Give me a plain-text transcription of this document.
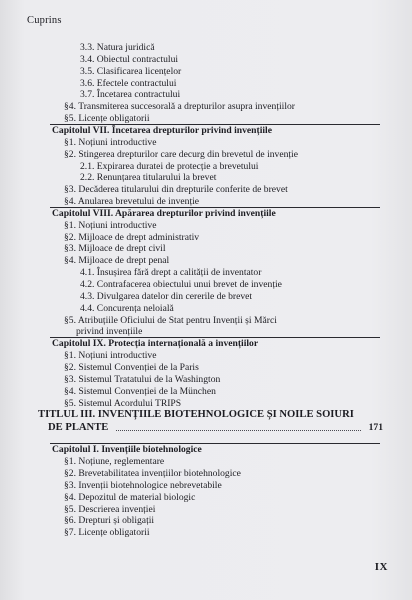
Cuprins
3.3. Natura juridică
3.4. Obiectul contractului
3.5. Clasificarea licențelor
3.6. Efectele contractului
3.7. Încetarea contractului
§4. Transmiterea succesorală a drepturilor asupra invențiilor
§5. Licențe obligatorii
Capitolul VII. Încetarea drepturilor privind invențiile
§1. Noțiuni introductive
§2. Stingerea drepturilor care decurg din brevetul de invenție
2.1. Expirarea duratei de protecție a brevetului
2.2. Renunțarea titularului la brevet
§3. Decăderea titularului din drepturile conferite de brevet
§4. Anularea brevetului de invenție
Capitolul VIII. Apărarea drepturilor privind invențiile
§1. Noțiuni introductive
§2. Mijloace de drept administrativ
§3. Mijloace de drept civil
§4. Mijloace de drept penal
4.1. Însușirea fără drept a calității de inventator
4.2. Contrafacerea obiectului unui brevet de invenție
4.3. Divulgarea datelor din cererile de brevet
4.4. Concurența neloială
§5. Atribuțiile Oficiului de Stat pentru Invenții și Mărci
privind invențiile
Capitolul IX. Protecția internațională a invențiilor
§1. Noțiuni introductive
§2. Sistemul Convenției de la Paris
§3. Sistemul Tratatului de la Washington
§4. Sistemul Convenției de la München
§5. Sistemul Acordului TRIPS
Capitolul I. Invențiile biotehnologice
§1. Noțiune, reglementare
§2. Brevetabilitatea invențiilor biotehnologice
§3. Invenții biotehnologice nebrevetabile
§4. Depozitul de material biologic
§5. Descrierea invenției
§6. Drepturi și obligații
§7. Licențe obligatorii
TITLUL III. INVENȚIILE BIOTEHNOLOGICE ȘI NOILE SOIURI
DE PLANTE	171
IX
